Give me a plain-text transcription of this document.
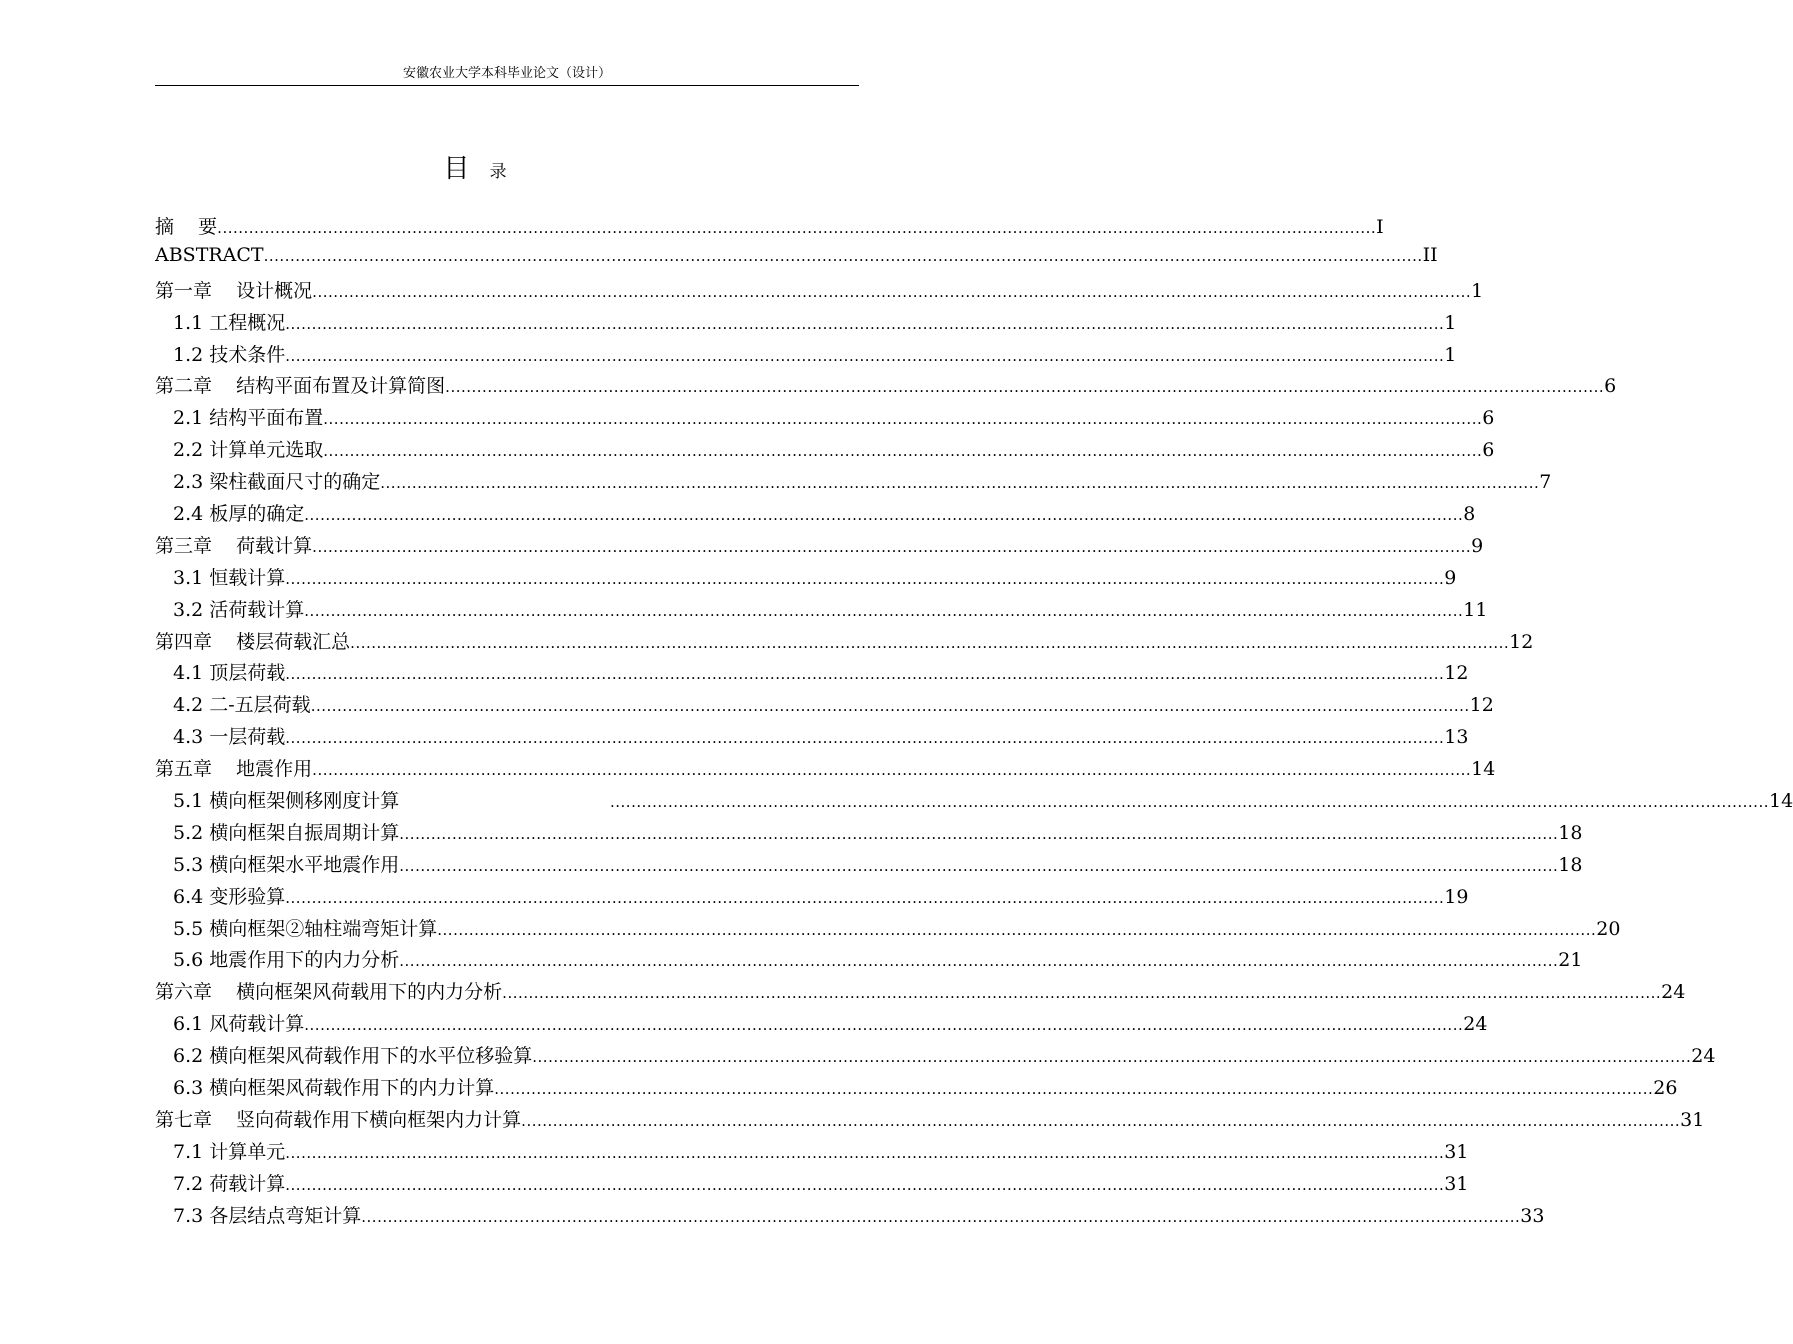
安徽农业大学本科毕业论文（设计）
目 录
摘    要 ............................................................................................................................................................................................................................ I
ABSTRACT ............................................................................................................................................................................................................................ II
第一章    设计概况 ............................................................................................................................................................................................................................ 1
1.1 工程概况 ............................................................................................................................................................................................................................ 1
1.2 技术条件 ............................................................................................................................................................................................................................ 1
第二章    结构平面布置及计算简图 ............................................................................................................................................................................................................................ 6
2.1 结构平面布置 ............................................................................................................................................................................................................................ 6
2.2 计算单元选取 ............................................................................................................................................................................................................................ 6
2.3 梁柱截面尺寸的确定 ............................................................................................................................................................................................................................ 7
2.4 板厚的确定 ............................................................................................................................................................................................................................ 8
第三章    荷载计算 ............................................................................................................................................................................................................................ 9
3.1 恒载计算 ............................................................................................................................................................................................................................ 9
3.2 活荷载计算 ............................................................................................................................................................................................................................ 11
第四章    楼层荷载汇总 ............................................................................................................................................................................................................................ 12
4.1 顶层荷载 ............................................................................................................................................................................................................................ 12
4.2 二-五层荷载 ............................................................................................................................................................................................................................ 12
4.3 一层荷载 ............................................................................................................................................................................................................................ 13
第五章    地震作用 ............................................................................................................................................................................................................................ 14
5.1 横向框架侧移刚度计算	............................................................................................................................................................................................................................ 14
5.2 横向框架自振周期计算 ............................................................................................................................................................................................................................ 18
5.3 横向框架水平地震作用 ............................................................................................................................................................................................................................ 18
6.4 变形验算 ............................................................................................................................................................................................................................ 19
5.5 横向框架②轴柱端弯矩计算 ............................................................................................................................................................................................................................ 20
5.6 地震作用下的内力分析 ............................................................................................................................................................................................................................ 21
第六章    横向框架风荷载用下的内力分析 ............................................................................................................................................................................................................................ 24
6.1 风荷载计算 ............................................................................................................................................................................................................................ 24
6.2 横向框架风荷载作用下的水平位移验算 ............................................................................................................................................................................................................................ 24
6.3 横向框架风荷载作用下的内力计算 ............................................................................................................................................................................................................................ 26
第七章    竖向荷载作用下横向框架内力计算 ............................................................................................................................................................................................................................ 31
7.1 计算单元 ............................................................................................................................................................................................................................ 31
7.2 荷载计算 ............................................................................................................................................................................................................................ 31
7.3 各层结点弯矩计算 ............................................................................................................................................................................................................................ 33
